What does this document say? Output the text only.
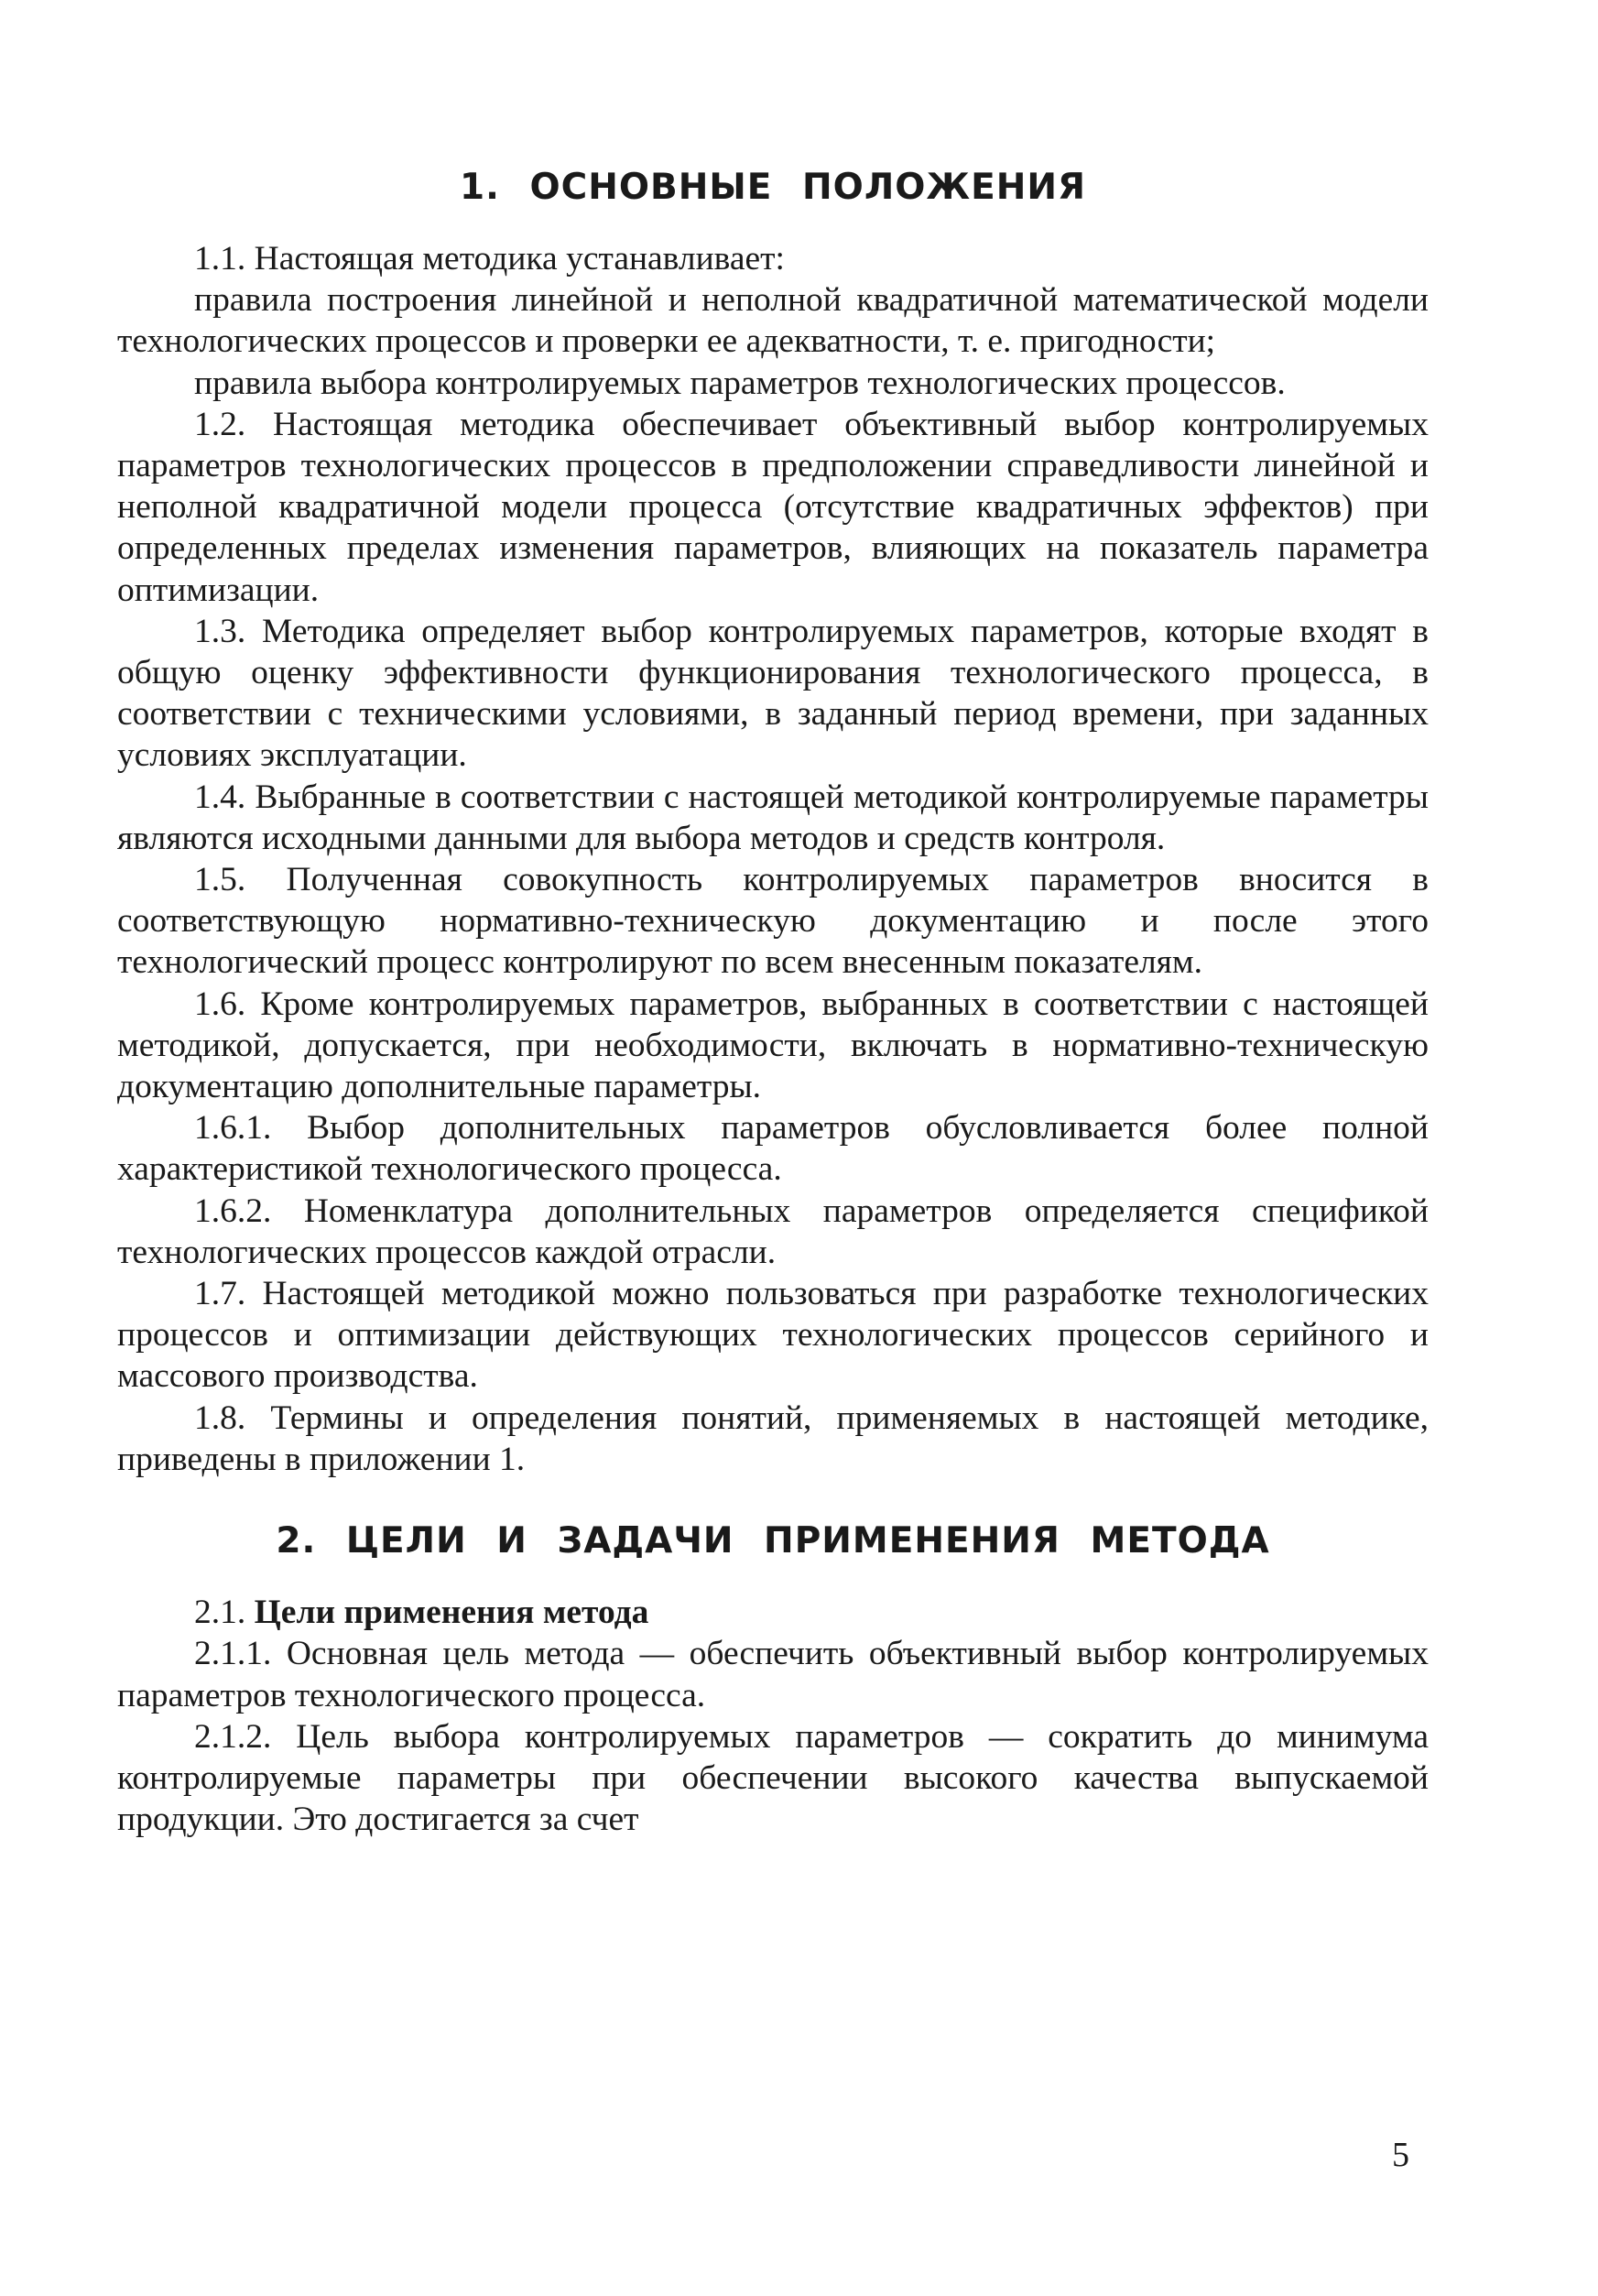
1. ОСНОВНЫЕ ПОЛОЖЕНИЯ

1.1. Настоящая методика устанавливает:

правила построения линейной и неполной квадратичной математической модели технологических процессов и проверки ее адекватности, т. е. пригодности;

правила выбора контролируемых параметров технологических процессов.

1.2. Настоящая методика обеспечивает объективный выбор контролируемых параметров технологических процессов в предположении справедливости линейной и неполной квадратичной модели процесса (отсутствие квадратичных эффектов) при определенных пределах изменения параметров, влияющих на показатель параметра оптимизации.

1.3. Методика определяет выбор контролируемых параметров, которые входят в общую оценку эффективности функционирования технологического процесса, в соответствии с техническими условиями, в заданный период времени, при заданных условиях эксплуатации.

1.4. Выбранные в соответствии с настоящей методикой контролируемые параметры являются исходными данными для выбора методов и средств контроля.

1.5. Полученная совокупность контролируемых параметров вносится в соответствующую нормативно-техническую документацию и после этого технологический процесс контролируют по всем внесенным показателям.

1.6. Кроме контролируемых параметров, выбранных в соответствии с настоящей методикой, допускается, при необходимости, включать в нормативно-техническую документацию дополнительные параметры.

1.6.1. Выбор дополнительных параметров обусловливается более полной характеристикой технологического процесса.

1.6.2. Номенклатура дополнительных параметров определяется спецификой технологических процессов каждой отрасли.

1.7. Настоящей методикой можно пользоваться при разработке технологических процессов и оптимизации действующих технологических процессов серийного и массового производства.

1.8. Термины и определения понятий, применяемых в настоящей методике, приведены в приложении 1.

2. ЦЕЛИ И ЗАДАЧИ ПРИМЕНЕНИЯ МЕТОДА

2.1. Цели применения метода

2.1.1. Основная цель метода — обеспечить объективный выбор контролируемых параметров технологического процесса.

2.1.2. Цель выбора контролируемых параметров — сократить до минимума контролируемые параметры при обеспечении высокого качества выпускаемой продукции. Это достигается за счет

5
